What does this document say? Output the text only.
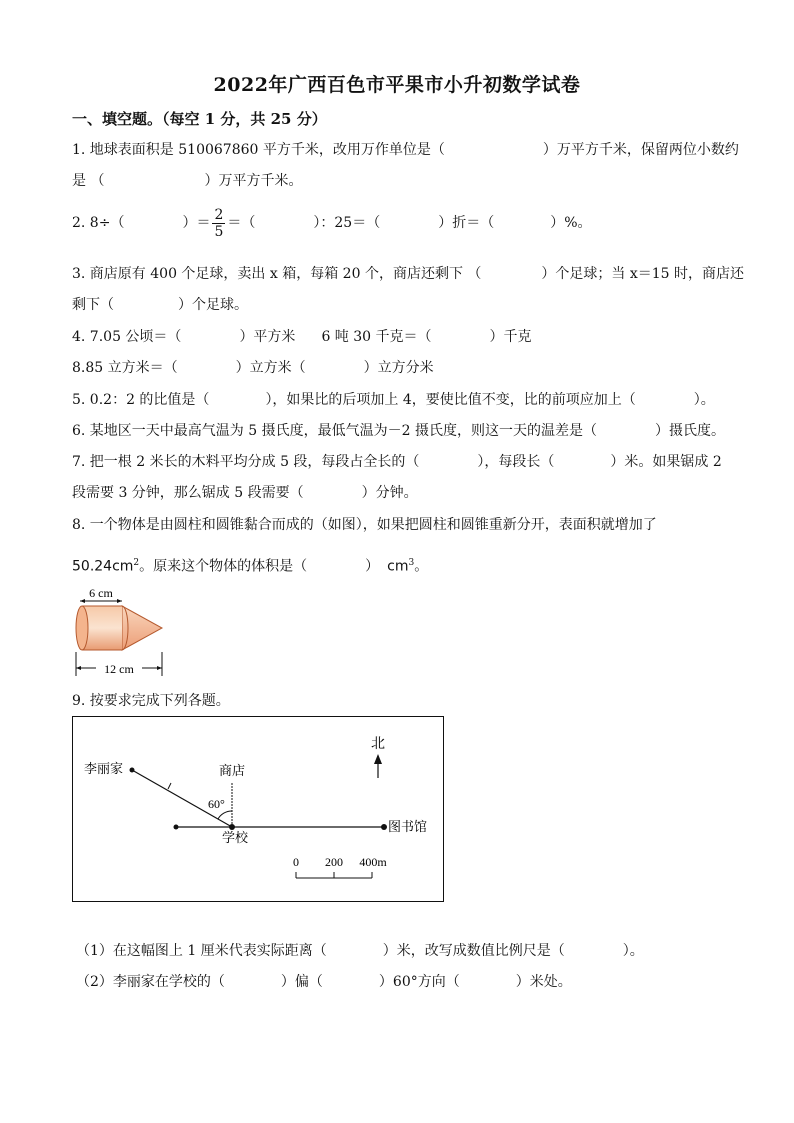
2022年广西百色市平果市小升初数学试卷
一、填空题。（每空 1 分，共 25 分）
1. 地球表面积是 510067860 平方千米，改用万作单位是（	）万平方千米，保留两位小数约
是 （	）万平方千米。
2. 8÷（	）＝ $\frac{2}{5}$ ＝（	）：25＝（	）折＝（	）%。
3. 商店原有 400 个足球，卖出 x 箱，每箱 20 个，商店还剩下 （	）个足球；当 x＝15 时，商店还
剩下（	）个足球。
4. 7.05 公顷＝（	）平方米 6 吨 30 千克＝（	）千克
8.85 立方米＝（	）立方米（	）立方分米
5. 0.2：2 的比值是（	），如果比的后项加上 4，要使比值不变，比的前项应加上（	）。
6. 某地区一天中最高气温为 5 摄氏度，最低气温为－2 摄氏度，则这一天的温差是（	）摄氏度。
7. 把一根 2 米长的木料平均分成 5 段，每段占全长的（	），每段长（	）米。如果锯成 2
段需要 3 分钟，那么锯成 5 段需要（	）分钟。
8. 一个物体是由圆柱和圆锥黏合而成的（如图），如果把圆柱和圆锥重新分开，表面积就增加了
$50.24cm^2$。原来这个物体的体积是（	） $cm^3$。
6 cm
12 cm
9. 按要求完成下列各题。
北
李丽家	商店
学校
图书馆
60°
0 200 400m
（1）在这幅图上 1 厘米代表实际距离（	）米，改写成数值比例尺是（	）。
（2）李丽家在学校的（	）偏（	）60°方向（	）米处。
